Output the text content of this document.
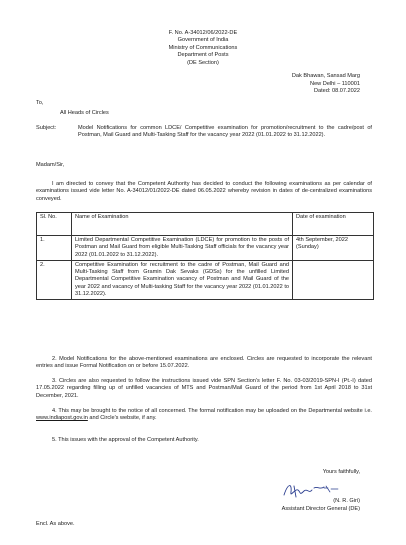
F. No. A-34012/06/2022-DE
Government of India
Ministry of Communications
Department of Posts
(DE Section)
Dak Bhawan, Sansad Marg
New Delhi – 110001
Dated: 08.07.2022
To,
All Heads of Circles
Subject:	Model Notifications for common LDCE/ Competitive examination for promotion/recruitment to the cadre/post of Postman, Mail Guard and Multi-Tasking Staff for the vacancy year 2022 (01.01.2022 to 31.12.2022).
Madam/Sir,
I am directed to convey that the Competent Authority has decided to conduct the following examinations as per calendar of examinations issued vide letter No. A-34012/01/2022-DE dated 06.05.2022 whereby revision in dates of de-centralized examinations conveyed.
Sl. No.	Name of Examination	Date of examination
1.	Limited Departmental Competitive Examination (LDCE) for promotion to the posts of Postman and Mail Guard from eligible Multi-Tasking Staff officials for the vacancy year 2022 (01.01.2022 to 31.12.2022).	4th September, 2022 (Sunday)
2.	Competitive Examination for recruitment to the cadre of Postman, Mail Guard and Multi-Tasking Staff from Gramin Dak Sevaks (GDSs) for the unfilled Limited Departmental Competitive Examination vacancy of Postman and Mail Guard of the year 2022 and vacancy of Multi-tasking Staff for the vacancy year 2022 (01.01.2022 to 31.12.2022).	
2. Model Notifications for the above-mentioned examinations are enclosed. Circles are requested to incorporate the relevant entries and issue Formal Notification on or before 15.07.2022.
3. Circles are also requested to follow the instructions issued vide SPN Section's letter F. No. 03-03/2019-SPN-I (Pt.-I) dated 17.05.2022 regarding filling up of unfilled vacancies of MTS and Postman/Mail Guard of the period from 1st April 2018 to 31st December, 2021.
4. This may be brought to the notice of all concerned. The formal notification may be uploaded on the Departmental website i.e. www.indiapost.gov.in and Circle's website, if any.
5. This issues with the approval of the Competent Authority.
Yours faithfully,
(N. R. Giri)
Assistant Director General (DE)
Encl. As above.
